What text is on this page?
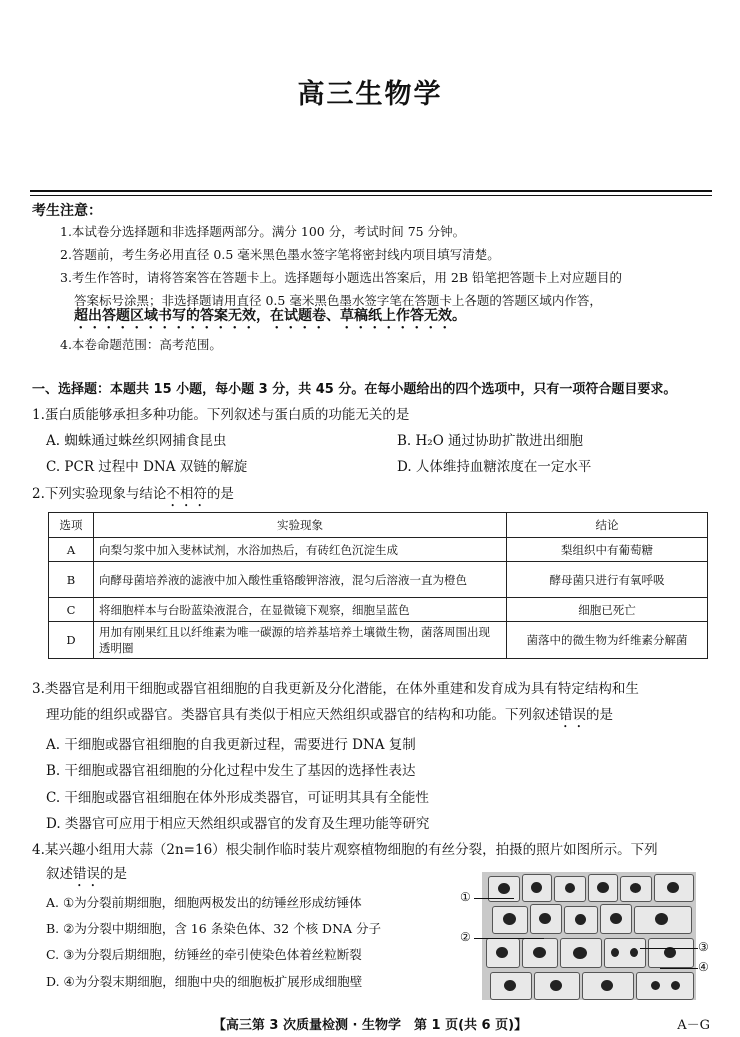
高三生物学
考生注意：
1.本试卷分选择题和非选择题两部分。满分 100 分，考试时间 75 分钟。
2.答题前，考生务必用直径 0.5 毫米黑色墨水签字笔将密封线内项目填写清楚。
3.考生作答时，请将答案答在答题卡上。选择题每小题选出答案后，用 2B 铅笔把答题卡上对应题目的
答案标号涂黑；非选择题请用直径 0.5 毫米黑色墨水签字笔在答题卡上各题的答题区域内作答，
超出答题区域书写的答案无效，在试题卷、草稿纸上作答无效。
4.本卷命题范围：高考范围。
一、选择题：本题共 15 小题，每小题 3 分，共 45 分。在每小题给出的四个选项中，只有一项符合题目要求。
1.蛋白质能够承担多种功能。下列叙述与蛋白质的功能无关的是
A. 蜘蛛通过蛛丝织网捕食昆虫	B. H₂O 通过协助扩散进出细胞
C. PCR 过程中 DNA 双链的解旋	D. 人体维持血糖浓度在一定水平
2.下列实验现象与结论不相符的是
选项	实验现象	结论
A	向梨匀浆中加入斐林试剂，水浴加热后，有砖红色沉淀生成	梨组织中有葡萄糖
B	向酵母菌培养液的滤液中加入酸性重铬酸钾溶液，混匀后溶液一直为橙色	酵母菌只进行有氧呼吸
C	将细胞样本与台盼蓝染液混合，在显微镜下观察，细胞呈蓝色	细胞已死亡
D	用加有刚果红且以纤维素为唯一碳源的培养基培养土壤微生物，菌落周围出现透明圈	菌落中的微生物为纤维素分解菌
3.类器官是利用干细胞或器官祖细胞的自我更新及分化潜能，在体外重建和发育成为具有特定结构和生
理功能的组织或器官。类器官具有类似于相应天然组织或器官的结构和功能。下列叙述错误的是
A. 干细胞或器官祖细胞的自我更新过程，需要进行 DNA 复制
B. 干细胞或器官祖细胞的分化过程中发生了基因的选择性表达
C. 干细胞或器官祖细胞在体外形成类器官，可证明其具有全能性
D. 类器官可应用于相应天然组织或器官的发育及生理功能等研究
4.某兴趣小组用大蒜（2n=16）根尖制作临时装片观察植物细胞的有丝分裂，拍摄的照片如图所示。下列
叙述错误的是
A. ①为分裂前期细胞，细胞两极发出的纺锤丝形成纺锤体
B. ②为分裂中期细胞，含 16 条染色体、32 个核 DNA 分子
C. ③为分裂后期细胞，纺锤丝的牵引使染色体着丝粒断裂
D. ④为分裂末期细胞，细胞中央的细胞板扩展形成细胞壁
①
②
③
④
【高三第 3 次质量检测 · 生物学　第 1 页(共 6 页)】	A－G
